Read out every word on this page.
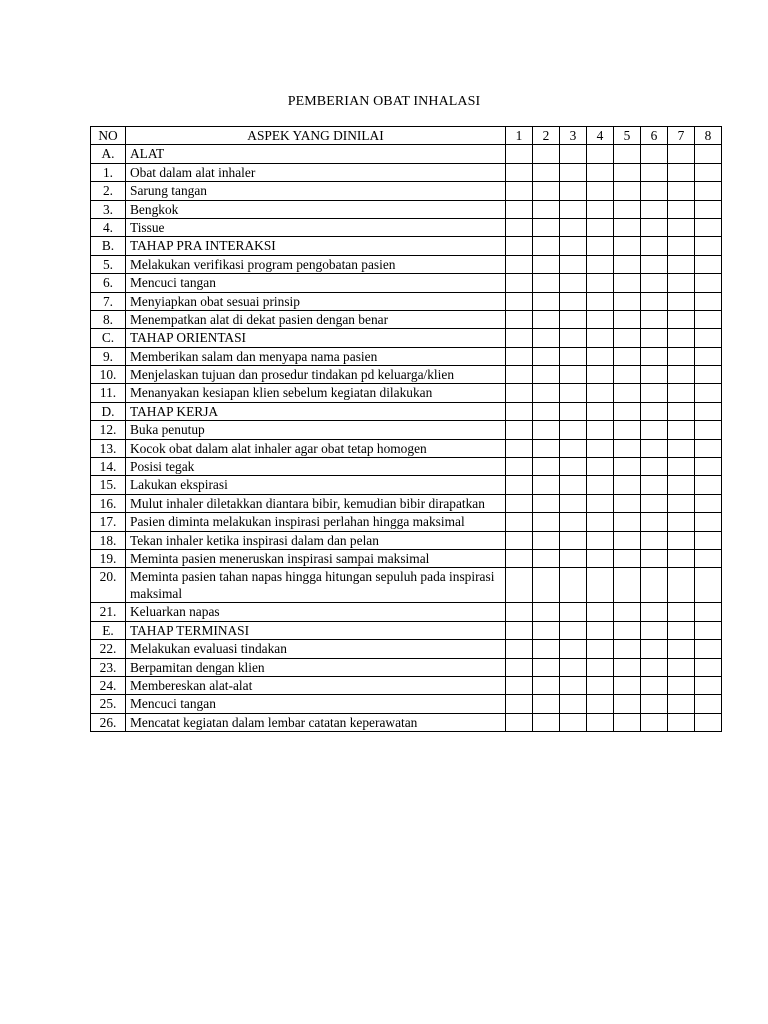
PEMBERIAN OBAT INHALASI
NO	ASPEK YANG DINILAI	1	2	3	4	5	6	7	8
A.	ALAT								
1.	Obat dalam alat inhaler								
2.	Sarung tangan								
3.	Bengkok								
4.	Tissue								
B.	TAHAP PRA INTERAKSI								
5.	Melakukan verifikasi program pengobatan pasien								
6.	Mencuci tangan								
7.	Menyiapkan obat sesuai prinsip								
8.	Menempatkan alat di dekat pasien dengan benar								
C.	TAHAP ORIENTASI								
9.	Memberikan salam dan menyapa nama pasien								
10.	Menjelaskan tujuan dan prosedur tindakan pd keluarga/klien								
11.	Menanyakan kesiapan klien sebelum kegiatan dilakukan								
D.	TAHAP KERJA								
12.	Buka penutup								
13.	Kocok obat dalam alat inhaler agar obat tetap homogen								
14.	Posisi tegak								
15.	Lakukan ekspirasi								
16.	Mulut inhaler diletakkan diantara bibir, kemudian bibir dirapatkan								
17.	Pasien diminta melakukan inspirasi perlahan hingga maksimal								
18.	Tekan inhaler ketika inspirasi dalam dan pelan								
19.	Meminta pasien meneruskan inspirasi sampai maksimal								
20.	Meminta pasien tahan napas hingga hitungan sepuluh pada inspirasi maksimal								
21.	Keluarkan napas								
E.	TAHAP TERMINASI								
22.	Melakukan evaluasi tindakan								
23.	Berpamitan dengan klien								
24.	Membereskan alat-alat								
25.	Mencuci tangan								
26.	Mencatat kegiatan dalam lembar catatan keperawatan								
